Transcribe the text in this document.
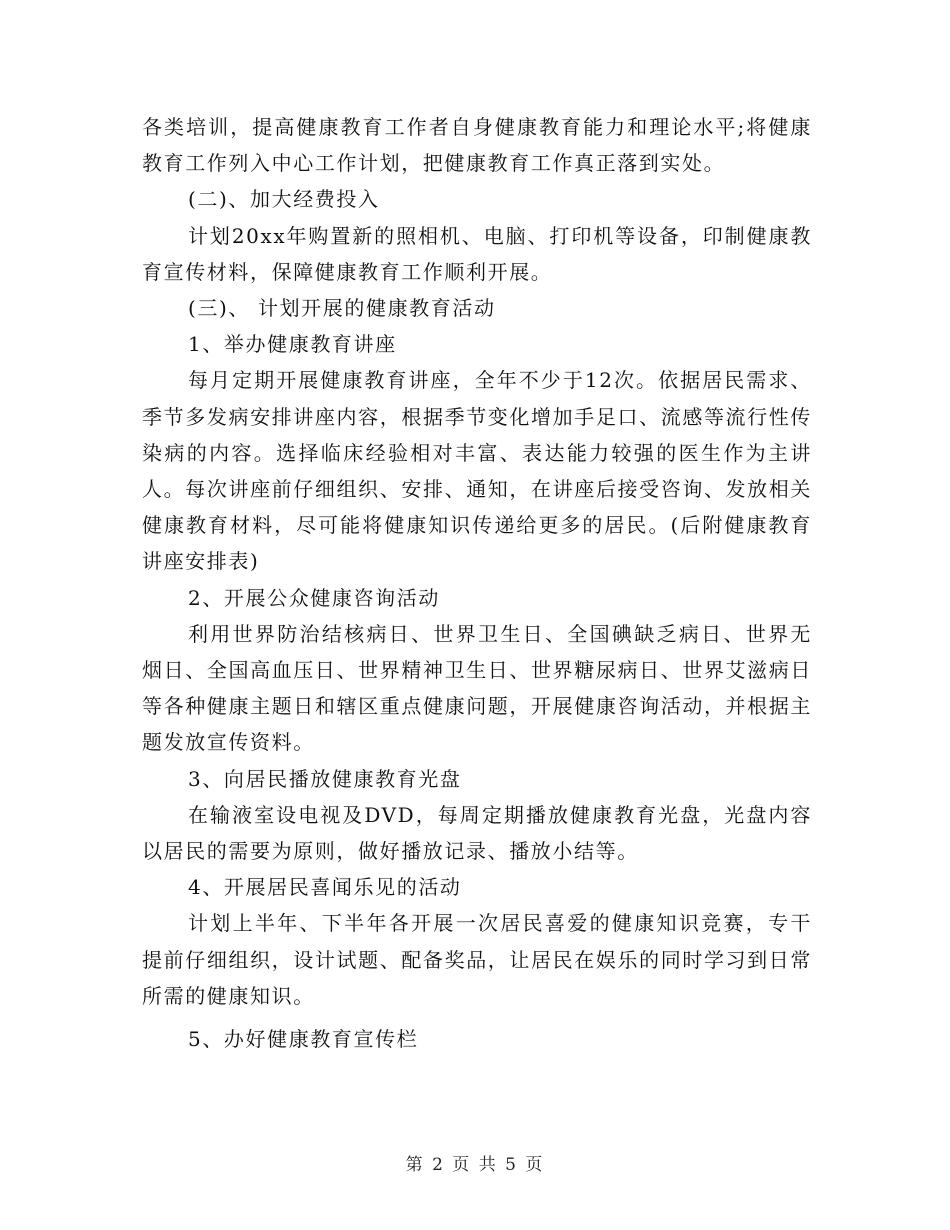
各类培训，提高健康教育工作者自身健康教育能力和理论水平;将健康教育工作列入中心工作计划，把健康教育工作真正落到实处。

(二)、加大经费投入

计划20xx年购置新的照相机、电脑、打印机等设备，印制健康教育宣传材料，保障健康教育工作顺利开展。

(三)、 计划开展的健康教育活动

1、举办健康教育讲座

每月定期开展健康教育讲座，全年不少于12次。依据居民需求、季节多发病安排讲座内容，根据季节变化增加手足口、流感等流行性传染病的内容。选择临床经验相对丰富、表达能力较强的医生作为主讲人。每次讲座前仔细组织、安排、通知，在讲座后接受咨询、发放相关健康教育材料，尽可能将健康知识传递给更多的居民。(后附健康教育讲座安排表)

2、开展公众健康咨询活动

利用世界防治结核病日、世界卫生日、全国碘缺乏病日、世界无烟日、全国高血压日、世界精神卫生日、世界糖尿病日、世界艾滋病日等各种健康主题日和辖区重点健康问题，开展健康咨询活动，并根据主题发放宣传资料。

3、向居民播放健康教育光盘

在输液室设电视及DVD，每周定期播放健康教育光盘，光盘内容以居民的需要为原则，做好播放记录、播放小结等。

4、开展居民喜闻乐见的活动

计划上半年、下半年各开展一次居民喜爱的健康知识竞赛，专干提前仔细组织，设计试题、配备奖品，让居民在娱乐的同时学习到日常所需的健康知识。

5、办好健康教育宣传栏

第 2 页 共 5 页
